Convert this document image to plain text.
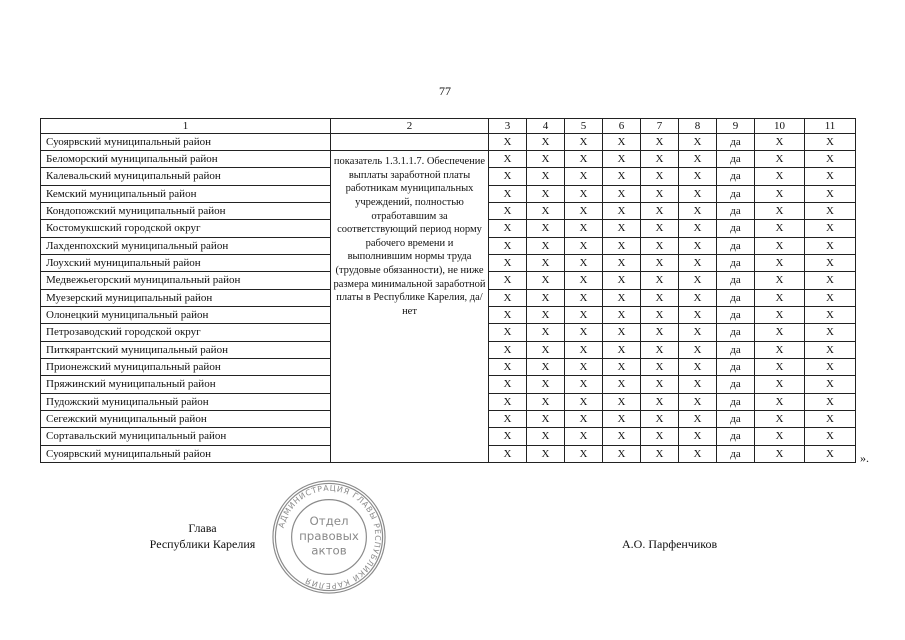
77
1	2	3	4	5	6	7	8	9	10	11
Суоярвский муниципальный район		X	X	X	X	X	X	да	X	X
Беломорский муниципальный район	показатель 1.3.1.1.7. Обеспечение выплаты заработной платы работникам муниципальных учреждений, полностью отработавшим за соответствующий период норму рабочего времени и выполнившим нормы труда (трудовые обязанности), не ниже размера минимальной заработной платы в Республике Карелия, да/нет	X	X	X	X	X	X	да	X	X
Калевальский муниципальный район		X	X	X	X	X	X	да	X	X
Кемский муниципальный район		X	X	X	X	X	X	да	X	X
Кондопожский муниципальный район		X	X	X	X	X	X	да	X	X
Костомукшский городской округ		X	X	X	X	X	X	да	X	X
Лахденпохский муниципальный район		X	X	X	X	X	X	да	X	X
Лоухский муниципальный район		X	X	X	X	X	X	да	X	X
Медвежьегорский муниципальный район		X	X	X	X	X	X	да	X	X
Муезерский муниципальный район		X	X	X	X	X	X	да	X	X
Олонецкий муниципальный район		X	X	X	X	X	X	да	X	X
Петрозаводский городской округ		X	X	X	X	X	X	да	X	X
Питкярантский муниципальный район		X	X	X	X	X	X	да	X	X
Прионежский муниципальный район		X	X	X	X	X	X	да	X	X
Пряжинский муниципальный район		X	X	X	X	X	X	да	X	X
Пудожский муниципальный район		X	X	X	X	X	X	да	X	X
Сегежский муниципальный район		X	X	X	X	X	X	да	X	X
Сортавальский муниципальный район		X	X	X	X	X	X	да	X	X
Суоярвский муниципальный район		X	X	X	X	X	X	да	X	X ».
Глава
Республики Карелия	А.О. Парфенчиков
АДМИНИСТРАЦИЯ ГЛАВЫ РЕСПУБЛИКИ КАРЕЛИЯ
Отдел
правовых
актов
